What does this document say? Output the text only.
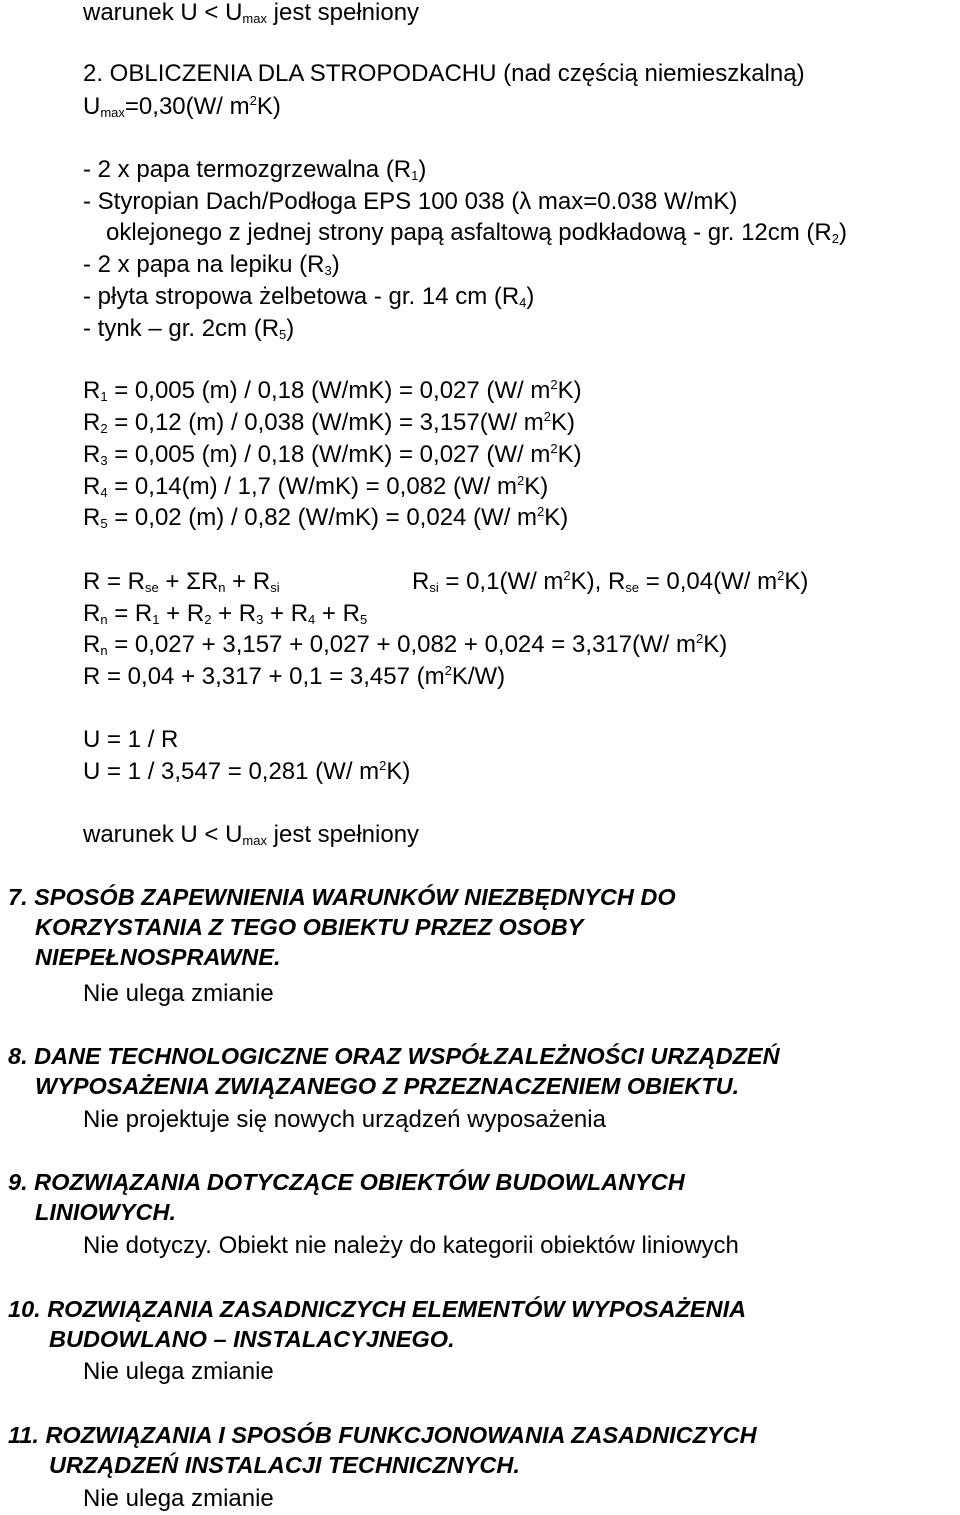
warunek $U < U_{max}$ jest spełniony
2. OBLICZENIA DLA STROPODACHU (nad częścią niemieszkalną)
$U_{max}=0,30(W/$ $m^2K$)
- 2 x papa termozgrzewalna $(R_1)$
- Styropian Dach/Podłoga EPS 100 038 (λ max=0.038 W/mK)
oklejonego z jednej strony papą asfaltową podkładową - gr. 12cm $(R_2)$
- 2 x papa na lepiku $(R_3)$
- płyta stropowa żelbetowa - gr. 14 cm $(R_4)$
- tynk – gr. 2cm $(R_5)$
$R_1 = 0,005$ (m) / 0,18 (W/mK) = 0,027 (W/ $m^2K$)
$R_2 = 0,12$ (m) / 0,038 (W/mK) = 3,157(W/ $m^2K$)
$R_3 = 0,005$ (m) / 0,18 (W/mK) = 0,027 (W/ $m^2K$)
$R_4 = 0,14(m) / 1,7$ (W/mK) = 0,082 (W/ $m^2K$)
$R_5 = 0,02$ (m) / 0,82 (W/mK) = 0,024 (W/ $m^2K$)
$R = R_{se} + \Sigma R_n + R_{si}$	$R_{si} = 0,1(W/$ $m^2K$), $R_{se} = 0,04(W/$ $m^2K$)
$R_n = R_1 + R_2 + R_3 + R_4 + R_5$
$R_n = 0,027 + 3,157 + 0,027 + 0,082 + 0,024 = 3,317(W/$ $m^2K$)
R = 0,04 + 3,317 + 0,1 = 3,457 $(m^2K/W)$
U = 1 / R
U = 1 / 3,547 = 0,281 (W/ $m^2K$)
warunek $U < U_{max}$ jest spełniony
7. SPOSÓB ZAPEWNIENIA WARUNKÓW NIEZBĘDNYCH DO
KORZYSTANIA Z TEGO OBIEKTU PRZEZ OSOBY
NIEPEŁNOSPRAWNE.
Nie ulega zmianie
8. DANE TECHNOLOGICZNE ORAZ WSPÓŁZALEŻNOŚCI URZĄDZEŃ
WYPOSAŻENIA ZWIĄZANEGO Z PRZEZNACZENIEM OBIEKTU.
Nie projektuje się nowych urządzeń wyposażenia
9. ROZWIĄZANIA DOTYCZĄCE OBIEKTÓW BUDOWLANYCH
LINIOWYCH.
Nie dotyczy. Obiekt nie należy do kategorii obiektów liniowych
10. ROZWIĄZANIA ZASADNICZYCH ELEMENTÓW WYPOSAŻENIA
BUDOWLANO – INSTALACYJNEGO.
Nie ulega zmianie
11. ROZWIĄZANIA I SPOSÓB FUNKCJONOWANIA ZASADNICZYCH
URZĄDZEŃ INSTALACJI TECHNICZNYCH.
Nie ulega zmianie
